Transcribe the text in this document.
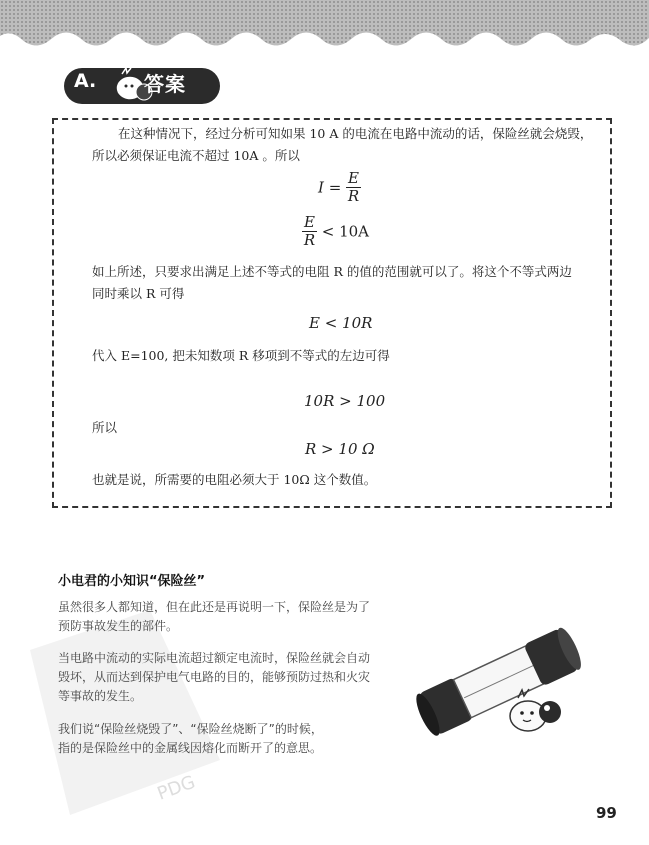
A. 答案
在这种情况下，经过分析可知如果 10 A 的电流在电路中流动的话，保险丝就会烧毁，
所以必须保证电流不超过 10A 。所以
$I = \frac{E}{R}$
$\frac{E}{R} < 10A$
如上所述，只要求出满足上述不等式的电阻 R 的值的范围就可以了。将这个不等式两边
同时乘以 R 可得
E < 10R
代入 E=100, 把未知数项 R 移项到不等式的左边可得
10R > 100
所以
R > 10 Ω
也就是说，所需要的电阻必须大于 10Ω 这个数值。
PDG
小电君的小知识“保险丝”
虽然很多人都知道，但在此还是再说明一下，保险丝是为了
预防事故发生的部件。
当电路中流动的实际电流超过额定电流时，保险丝就会自动
毁坏，从而达到保护电气电路的目的，能够预防过热和火灾
等事故的发生。
我们说“保险丝烧毁了”、“保险丝烧断了”的时候，
指的是保险丝中的金属线因熔化而断开了的意思。
99
